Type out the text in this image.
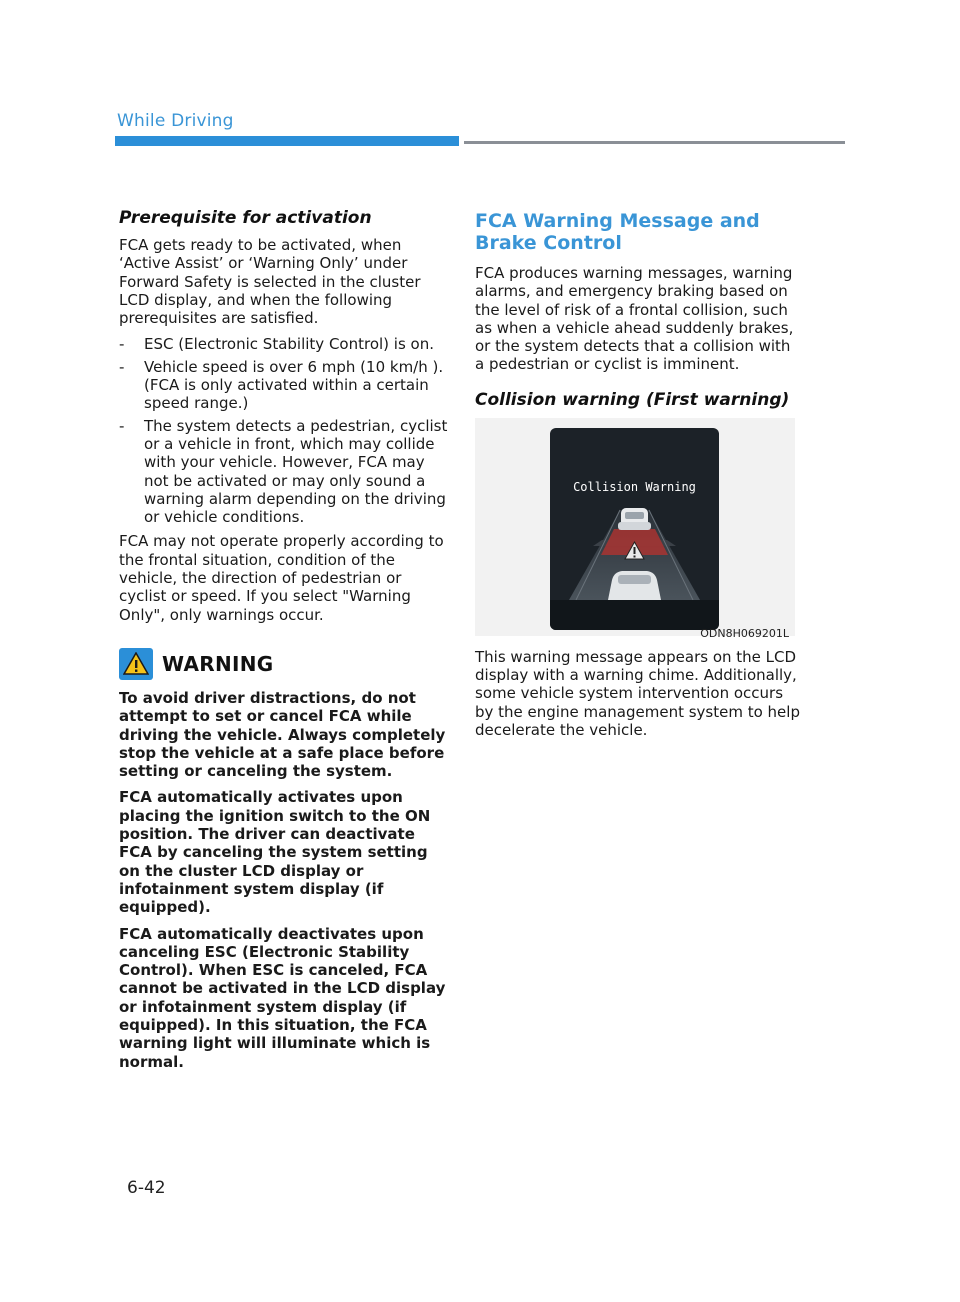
While Driving
Prerequisite for activation

FCA gets ready to be activated, when ‘Active Assist’ or ‘Warning Only’ under Forward Safety is selected in the cluster LCD display, and when the following prerequisites are satisfied.

- ESC (Electronic Stability Control) is on.
- Vehicle speed is over 6 mph (10 km/h ). (FCA is only activated within a certain speed range.)
- The system detects a pedestrian, cyclist or a vehicle in front, which may collide with your vehicle. However, FCA may not be activated or may only sound a warning alarm depending on the driving or vehicle conditions.

FCA may not operate properly according to the frontal situation, condition of the vehicle, the direction of pedestrian or cyclist or speed. If you select "Warning Only", only warnings occur.

WARNING

To avoid driver distractions, do not attempt to set or cancel FCA while driving the vehicle. Always completely stop the vehicle at a safe place before setting or canceling the system.

FCA automatically activates upon placing the ignition switch to the ON position. The driver can deactivate FCA by canceling the system setting on the cluster LCD display or infotainment system display (if equipped).

FCA automatically deactivates upon canceling ESC (Electronic Stability Control). When ESC is canceled, FCA cannot be activated in the LCD display or infotainment system display (if equipped). In this situation, the FCA warning light will illuminate which is normal.

FCA Warning Message and Brake Control

FCA produces warning messages, warning alarms, and emergency braking based on the level of risk of a frontal collision, such as when a vehicle ahead suddenly brakes, or the system detects that a collision with a pedestrian or cyclist is imminent.

Collision warning (First warning)
Collision Warning
ODN8H069201L

This warning message appears on the LCD display with a warning chime. Additionally, some vehicle system intervention occurs by the engine management system to help decelerate the vehicle.

6-42
